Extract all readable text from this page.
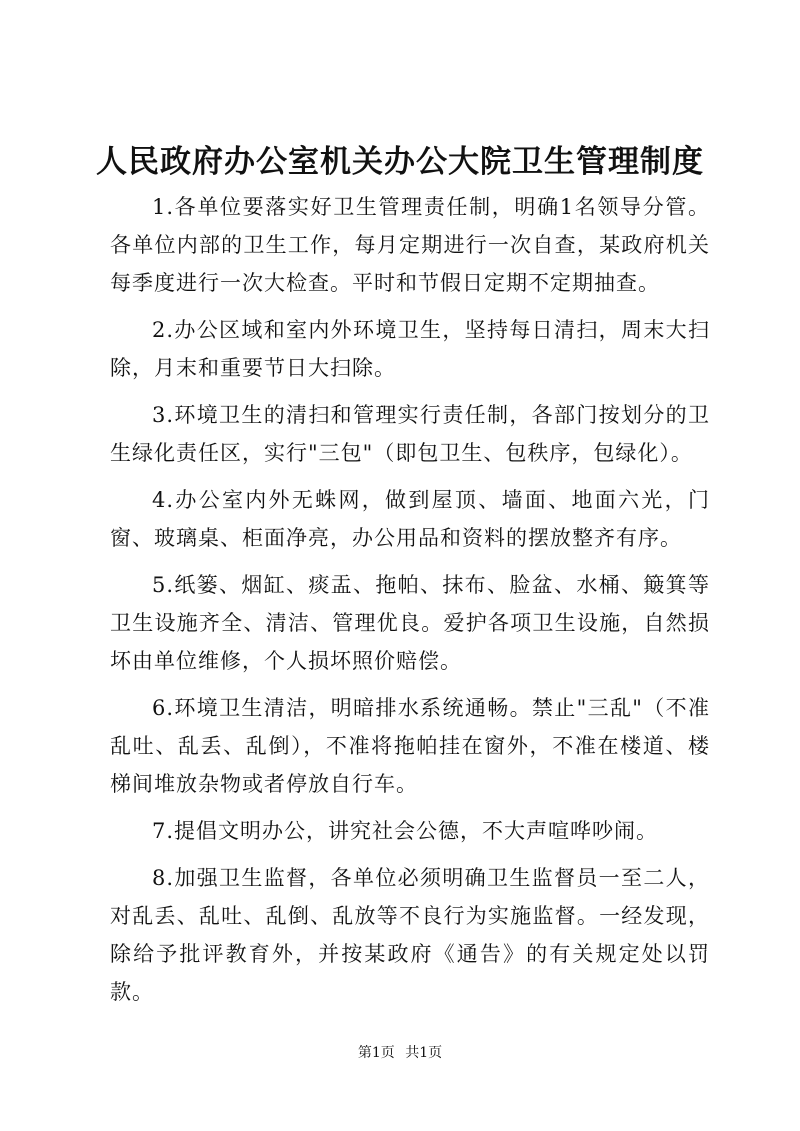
人民政府办公室机关办公大院卫生管理制度

1.各单位要落实好卫生管理责任制，明确1名领导分管。各单位内部的卫生工作，每月定期进行一次自查，某政府机关每季度进行一次大检查。平时和节假日定期不定期抽查。

2.办公区域和室内外环境卫生，坚持每日清扫，周末大扫除，月末和重要节日大扫除。

3.环境卫生的清扫和管理实行责任制，各部门按划分的卫生绿化责任区，实行"三包"（即包卫生、包秩序，包绿化）。

4.办公室内外无蛛网，做到屋顶、墙面、地面六光，门窗、玻璃桌、柜面净亮，办公用品和资料的摆放整齐有序。

5.纸篓、烟缸、痰盂、拖帕、抹布、脸盆、水桶、簸箕等卫生设施齐全、清洁、管理优良。爱护各项卫生设施，自然损坏由单位维修，个人损坏照价赔偿。

6.环境卫生清洁，明暗排水系统通畅。禁止"三乱"（不准乱吐、乱丢、乱倒），不准将拖帕挂在窗外，不准在楼道、楼梯间堆放杂物或者停放自行车。

7.提倡文明办公，讲究社会公德，不大声喧哗吵闹。

8.加强卫生监督，各单位必须明确卫生监督员一至二人，对乱丢、乱吐、乱倒、乱放等不良行为实施监督。一经发现，除给予批评教育外，并按某政府《通告》的有关规定处以罚款。

第1页 共1页
